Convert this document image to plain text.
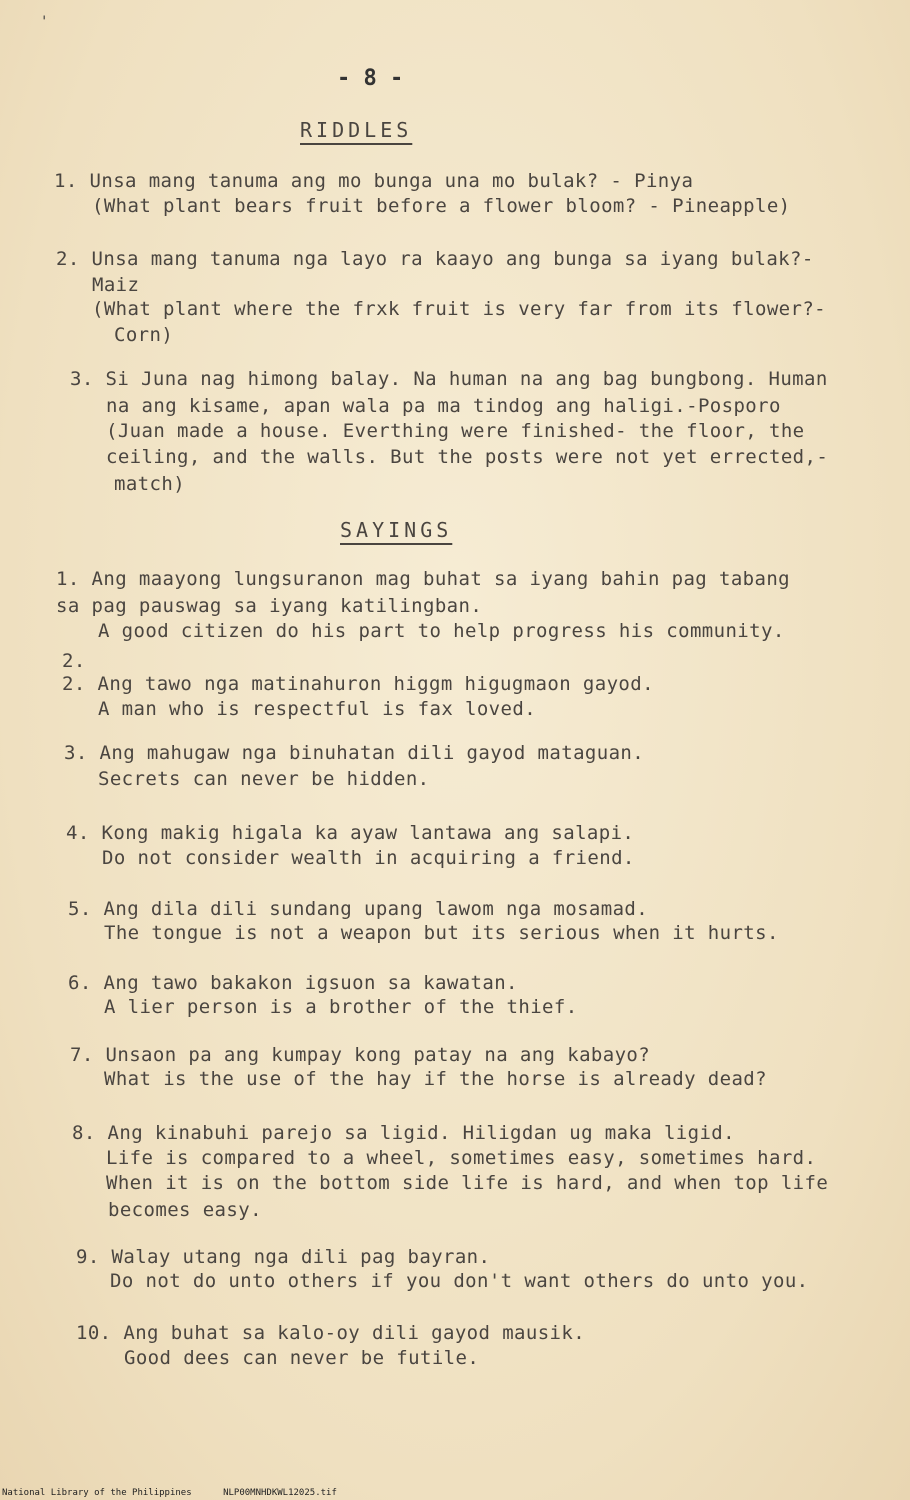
'
- 8 -
RIDDLES
1. Unsa mang tanuma ang mo bunga una mo bulak? - Pinya
(What plant bears fruit before a flower bloom? - Pineapple)
2. Unsa mang tanuma nga layo ra kaayo ang bunga sa iyang bulak?-
Maiz
(What plant where the frxk fruit is very far from its flower?-
Corn)
3. Si Juna nag himong balay. Na human na ang bag bungbong. Human
na ang kisame, apan wala pa ma tindog ang haligi.-Posporo
(Juan made a house. Everthing were finished- the floor, the
ceiling, and the walls. But the posts were not yet errected,-
match)
SAYINGS
1. Ang maayong lungsuranon mag buhat sa iyang bahin pag tabang
sa pag pauswag sa iyang katilingban.
A good citizen do his part to help progress his community.
2.
2. Ang tawo nga matinahuron higgm higugmaon gayod.
A man who is respectful is fax loved.
3. Ang mahugaw nga binuhatan dili gayod mataguan.
Secrets can never be hidden.
4. Kong makig higala ka ayaw lantawa ang salapi.
Do not consider wealth in acquiring a friend.
5. Ang dila dili sundang upang lawom nga mosamad.
The tongue is not a weapon but its serious when it hurts.
6. Ang tawo bakakon igsuon sa kawatan.
A lier person is a brother of the thief.
7. Unsaon pa ang kumpay kong patay na ang kabayo?
What is the use of the hay if the horse is already dead?
8. Ang kinabuhi parejo sa ligid. Hiligdan ug maka ligid.
Life is compared to a wheel, sometimes easy, sometimes hard.
When it is on the bottom side life is hard, and when top life
becomes easy.
9. Walay utang nga dili pag bayran.
Do not do unto others if you don't want others do unto you.
10. Ang buhat sa kalo-oy dili gayod mausik.
Good dees can never be futile.
National Library of the Philippines	NLP00MNHDKWL12025.tif
